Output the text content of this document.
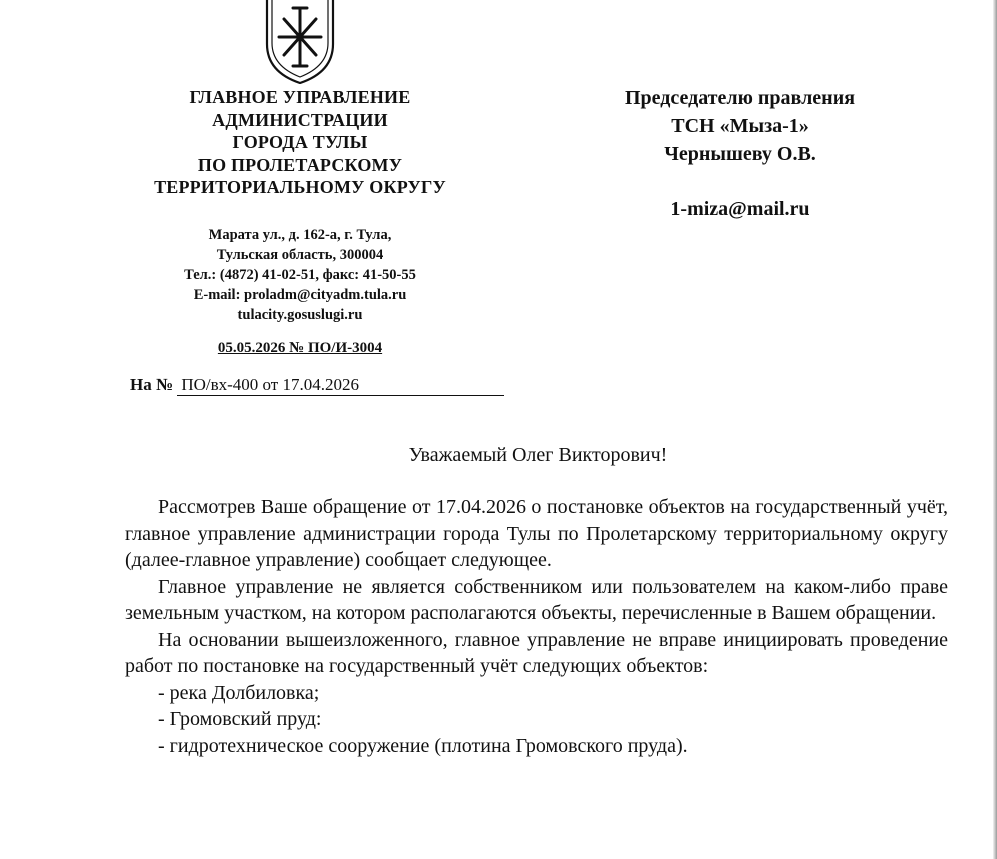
ГЛАВНОЕ УПРАВЛЕНИЕ
АДМИНИСТРАЦИИ
ГОРОДА ТУЛЫ
ПО ПРОЛЕТАРСКОМУ
ТЕРРИТОРИАЛЬНОМУ ОКРУГУ
Марата ул., д. 162-а, г. Тула,
Тульская область, 300004
Тел.: (4872) 41-02-51, факс: 41-50-55
E-mail: proladm@cityadm.tula.ru
tulacity.gosuslugi.ru
05.05.2026 № ПО/И-3004
На № ПО/вх-400 от 17.04.2026
Председателю правления
ТСН «Мыза-1»
Чернышеву О.В.
1-miza@mail.ru
Уважаемый Олег Викторович!

Рассмотрев Ваше обращение от 17.04.2026 о постановке объектов на государственный учёт, главное управление администрации города Тулы по Пролетарскому территориальному округу (далее-главное управление) сообщает следующее.

Главное управление не является собственником или пользователем на каком-либо праве земельным участком, на котором располагаются объекты, перечисленные в Вашем обращении.

На основании вышеизложенного, главное управление не вправе инициировать проведение работ по постановке на государственный учёт следующих объектов:

- река Долбиловка;
- Громовский пруд:
- гидротехническое сооружение (плотина Громовского пруда).
